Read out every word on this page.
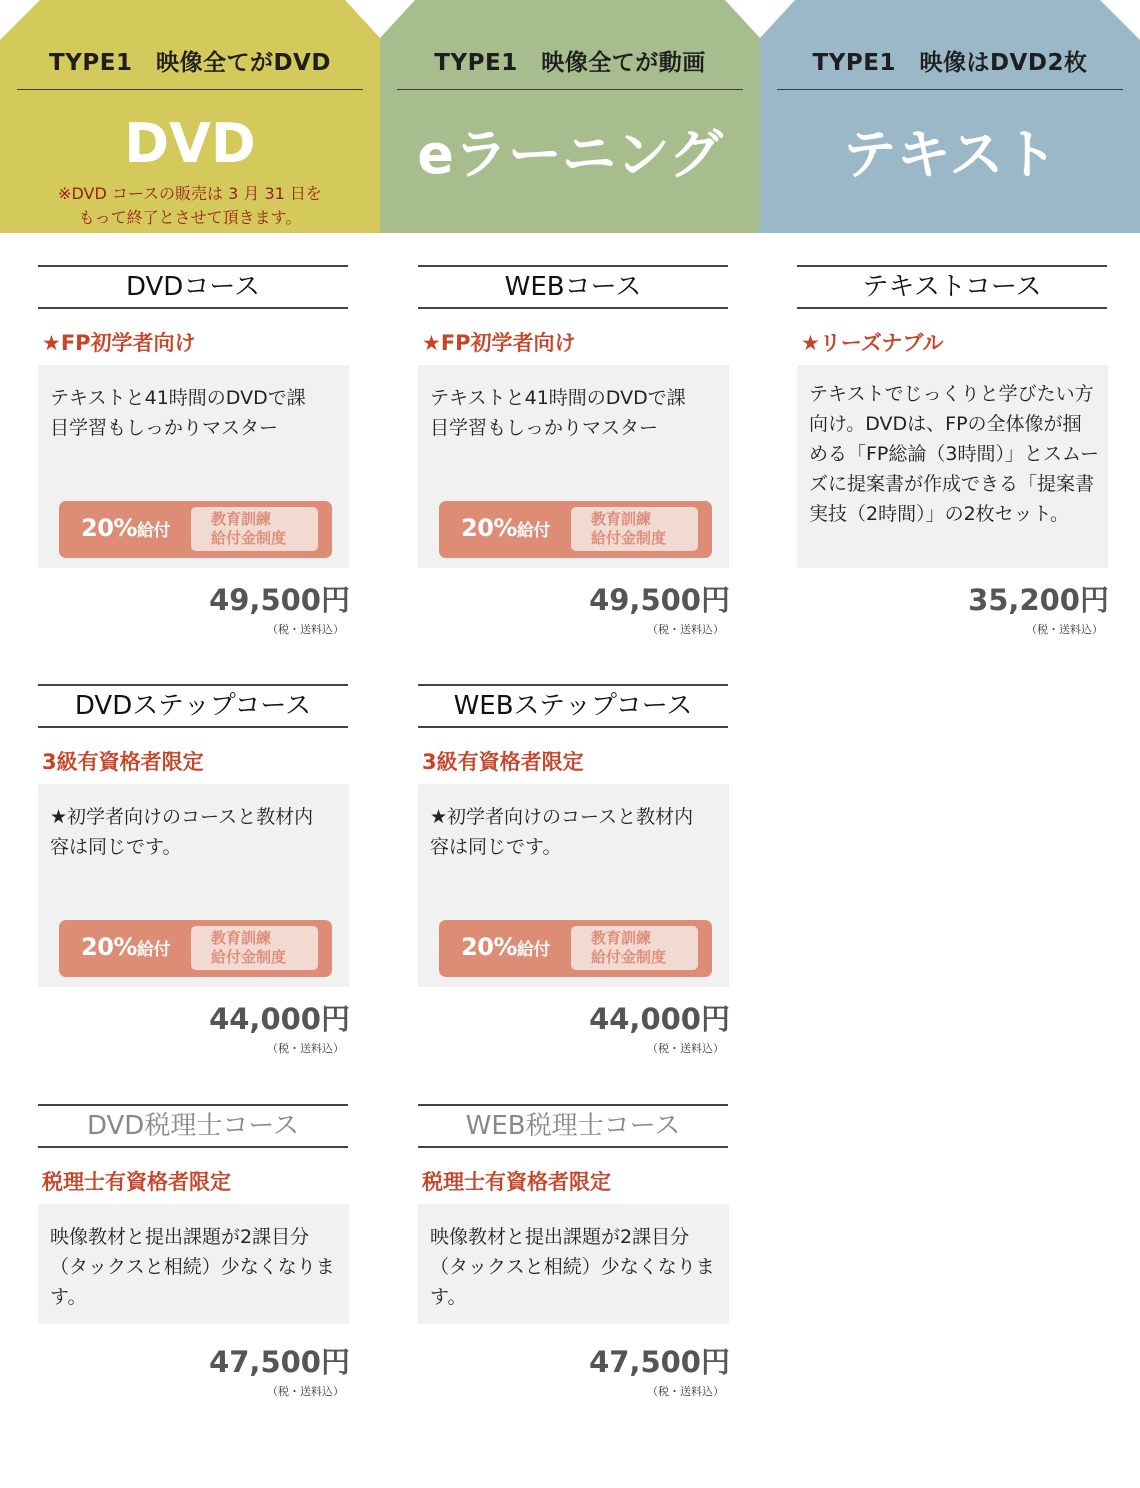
TYPE1　映像全てがDVD
DVD
※DVD コースの販売は 3 月 31 日を
もって終了とさせて頂きます。
TYPE1　映像全てが動画
eラーニング
TYPE1　映像はDVD2枚
テキスト
DVDコース
★FP初学者向け
テキストと41時間のDVDで課目学習もしっかりマスター
20%給付
教育訓練
給付金制度
49,500円
（税・送料込）
WEBコース
★FP初学者向け
テキストと41時間のDVDで課目学習もしっかりマスター
20%給付
教育訓練
給付金制度
49,500円
（税・送料込）
テキストコース
★リーズナブル
テキストでじっくりと学びたい方向け。DVDは、FPの全体像が掴める「FP総論（3時間）」とスムーズに提案書が作成できる「提案書実技（2時間）」の2枚セット。
35,200円
（税・送料込）
DVDステップコース
3級有資格者限定
★初学者向けのコースと教材内容は同じです。
20%給付
教育訓練
給付金制度
44,000円
（税・送料込）
WEBステップコース
3級有資格者限定
★初学者向けのコースと教材内容は同じです。
20%給付
教育訓練
給付金制度
44,000円
（税・送料込）
DVD税理士コース
税理士有資格者限定
映像教材と提出課題が2課目分（タックスと相続）少なくなります。
47,500円
（税・送料込）
WEB税理士コース
税理士有資格者限定
映像教材と提出課題が2課目分（タックスと相続）少なくなります。
47,500円
（税・送料込）
